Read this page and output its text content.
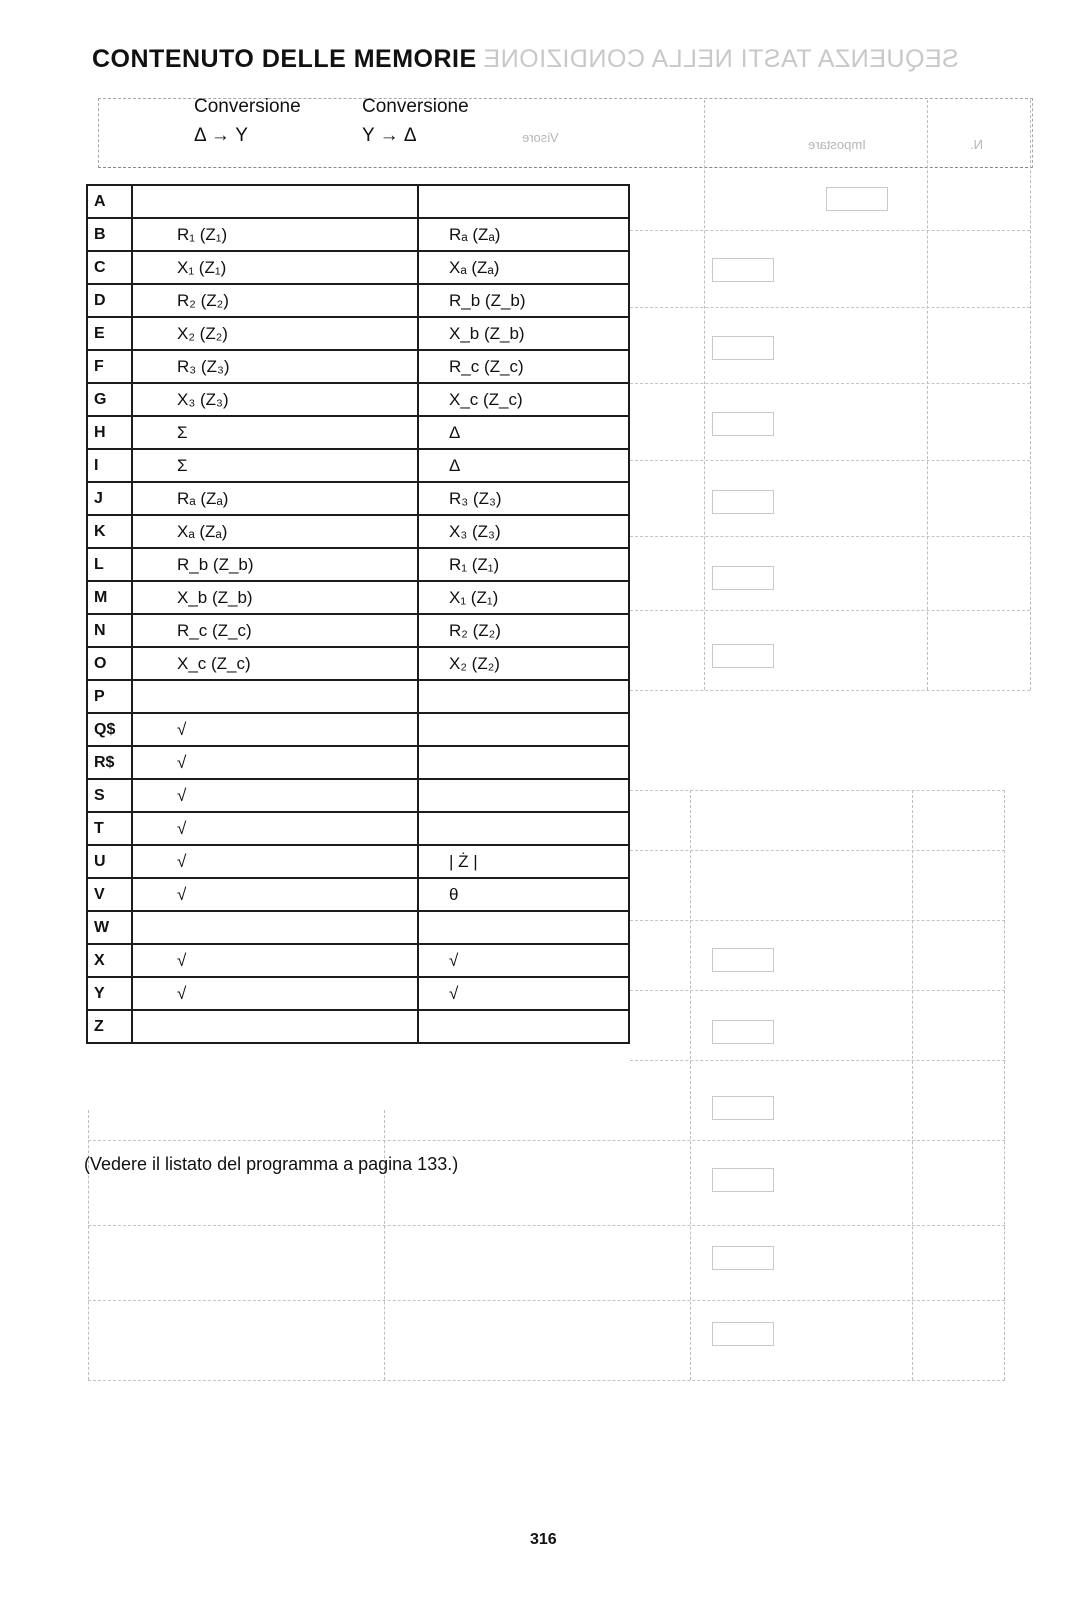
CONTENUTO DELLE MEMORIE SEQUENZA TASTI NELLA CONDIZIONE
Conversione
Δ → Y
Conversione
Y → Δ	Visore	Impostare	N.
A		
B	R₁ (Z₁)	Rₐ (Zₐ)
C	X₁ (Z₁)	Xₐ (Zₐ)
D	R₂ (Z₂)	R_b (Z_b)
E	X₂ (Z₂)	X_b (Z_b)
F	R₃ (Z₃)	R_c (Z_c)
G	X₃ (Z₃)	X_c (Z_c)
H	Σ	Δ
I	Σ	Δ
J	Rₐ (Zₐ)	R₃ (Z₃)
K	Xₐ (Zₐ)	X₃ (Z₃)
L	R_b (Z_b)	R₁ (Z₁)
M	X_b (Z_b)	X₁ (Z₁)
N	R_c (Z_c)	R₂ (Z₂)
O	X_c (Z_c)	X₂ (Z₂)
P		
Q$	√	
R$	√	
S	√	
T	√	
U	√	| Ż |
V	√	θ
W		
X	√	√
Y	√	√
Z		
(Vedere il listato del programma a pagina 133.)
316
